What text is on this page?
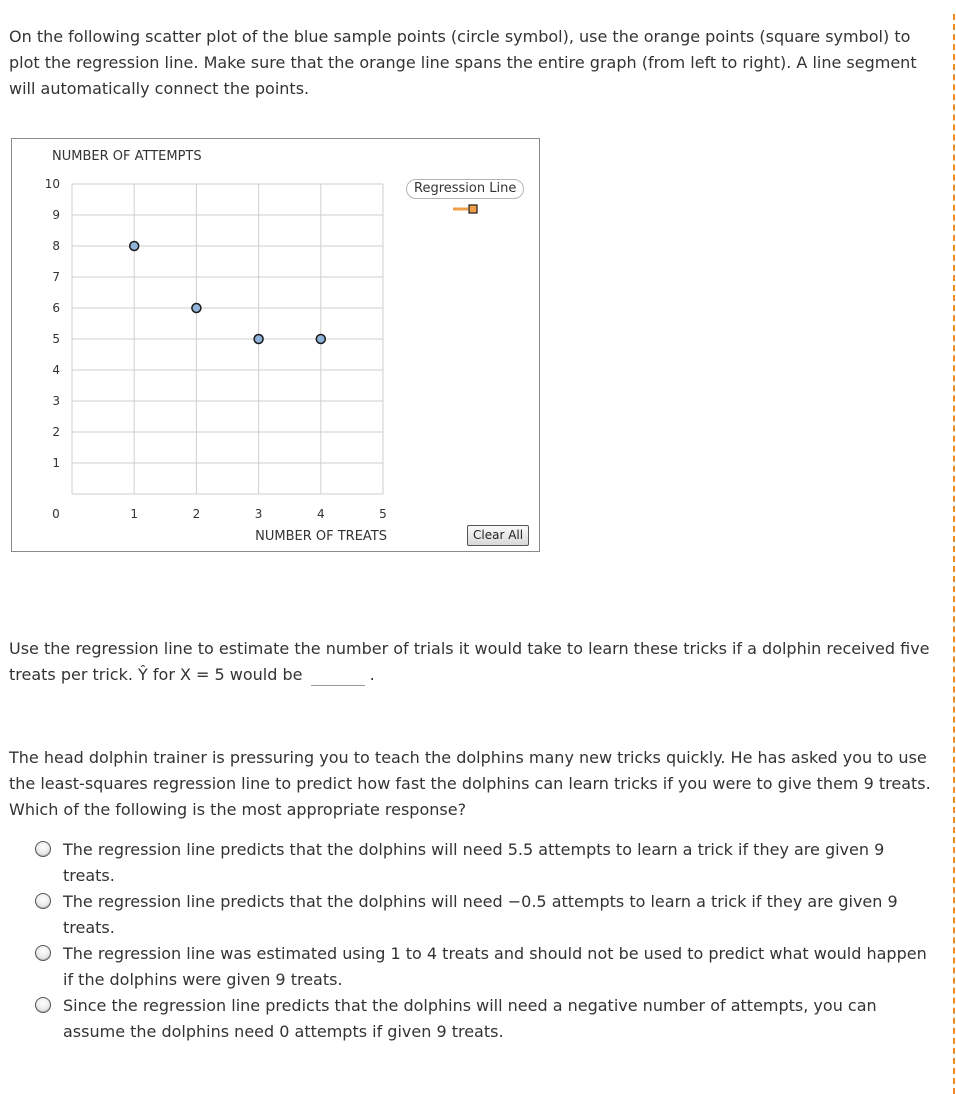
On the following scatter plot of the blue sample points (circle symbol), use the orange points (square symbol) to plot the regression line. Make sure that the orange line spans the entire graph (from left to right). A line segment will automatically connect the points.
NUMBER OF ATTEMPTS
NUMBER OF TREATS
1
2
3
4
5
6
7
8
9
10
0	1	2	3	4	5
Regression Line
Clear All
Use the regression line to estimate the number of trials it would take to learn these tricks if a dolphin received five treats per trick. Ŷ for X = 5 would be	.
The head dolphin trainer is pressuring you to teach the dolphins many new tricks quickly. He has asked you to use the least-squares regression line to predict how fast the dolphins can learn tricks if you were to give them 9 treats. Which of the following is the most appropriate response?
The regression line predicts that the dolphins will need 5.5 attempts to learn a trick if they are given 9 treats.
The regression line predicts that the dolphins will need −0.5 attempts to learn a trick if they are given 9 treats.
The regression line was estimated using 1 to 4 treats and should not be used to predict what would happen if the dolphins were given 9 treats.
Since the regression line predicts that the dolphins will need a negative number of attempts, you can assume the dolphins need 0 attempts if given 9 treats.
